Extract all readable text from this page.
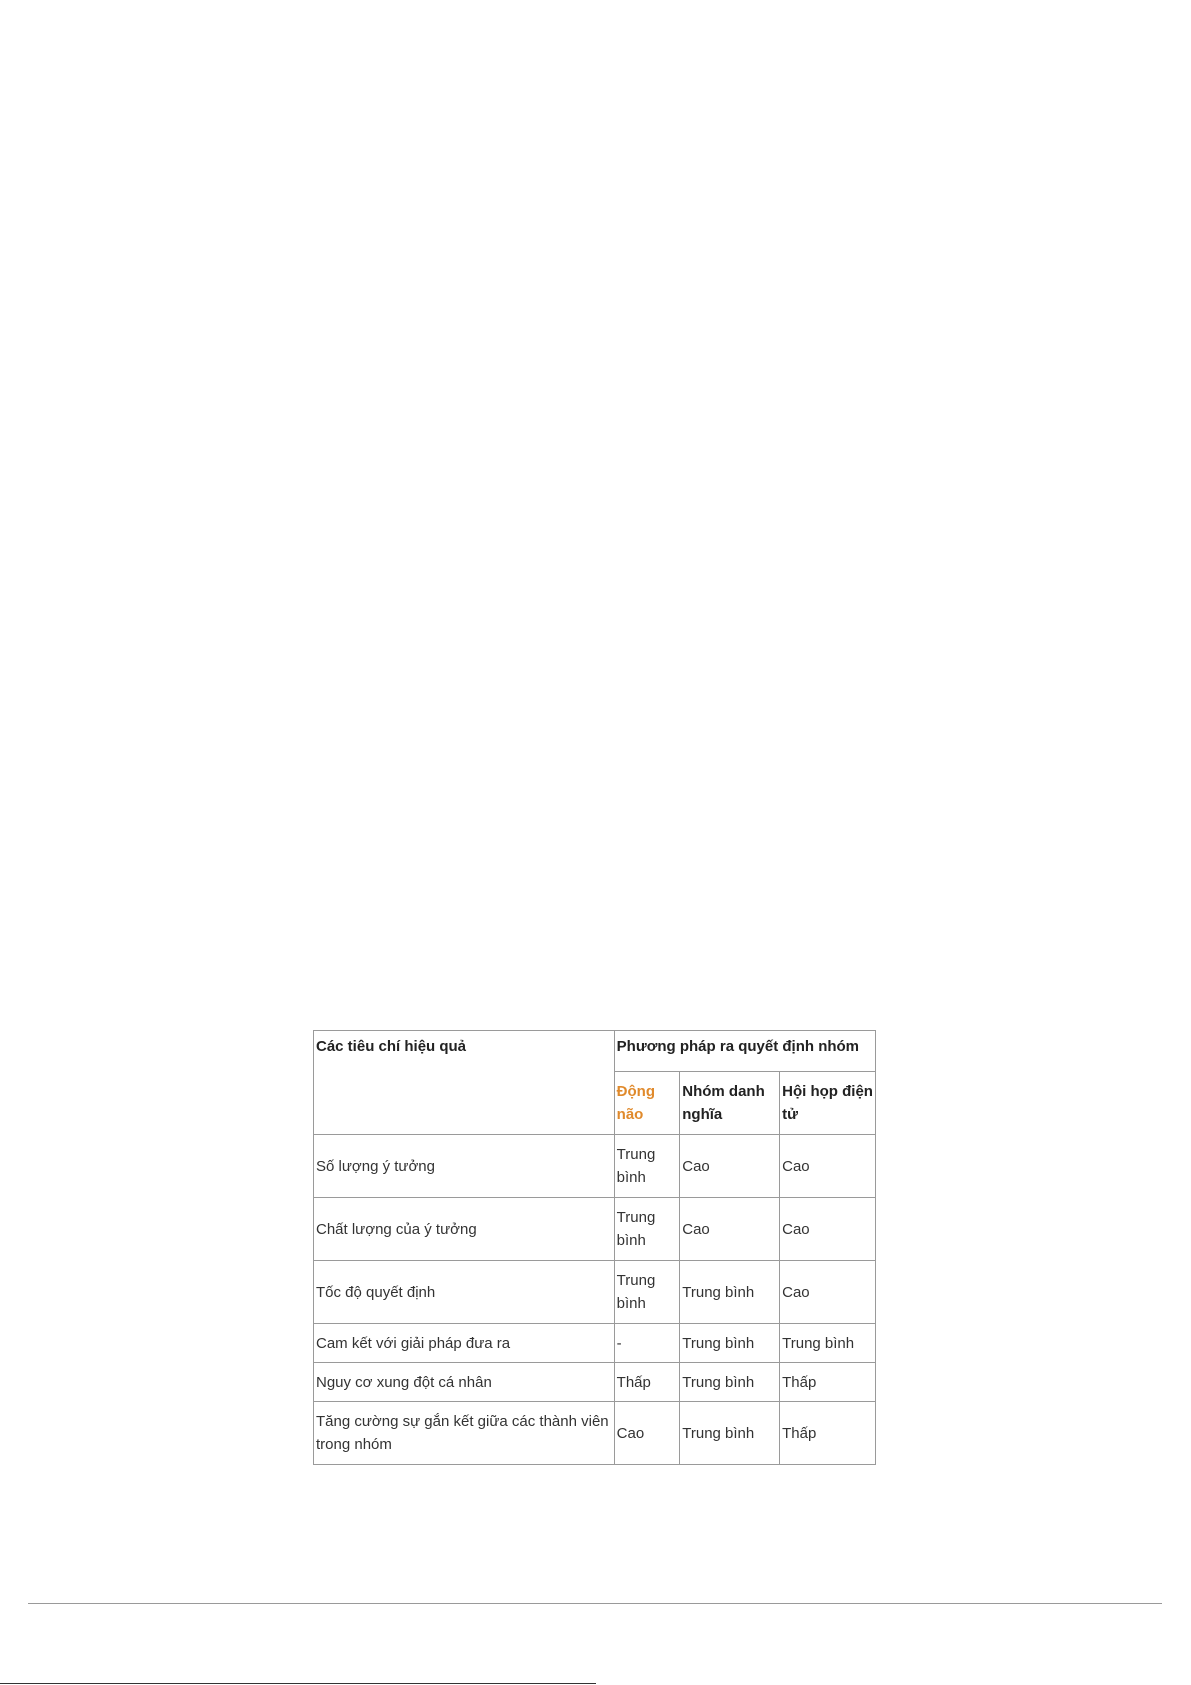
Các tiêu chí hiệu quả	Phương pháp ra quyết định nhóm		
	Động não	Nhóm danh nghĩa	Hội họp điện tử
Số lượng ý tưởng	Trung bình	Cao	Cao
Chất lượng của ý tưởng	Trung bình	Cao	Cao
Tốc độ quyết định	Trung bình	Trung bình	Cao
Cam kết với giải pháp đưa ra	-	Trung bình	Trung bình
Nguy cơ xung đột cá nhân	Thấp	Trung bình	Thấp
Tăng cường sự gắn kết giữa các thành viên trong nhóm	Cao	Trung bình	Thấp
